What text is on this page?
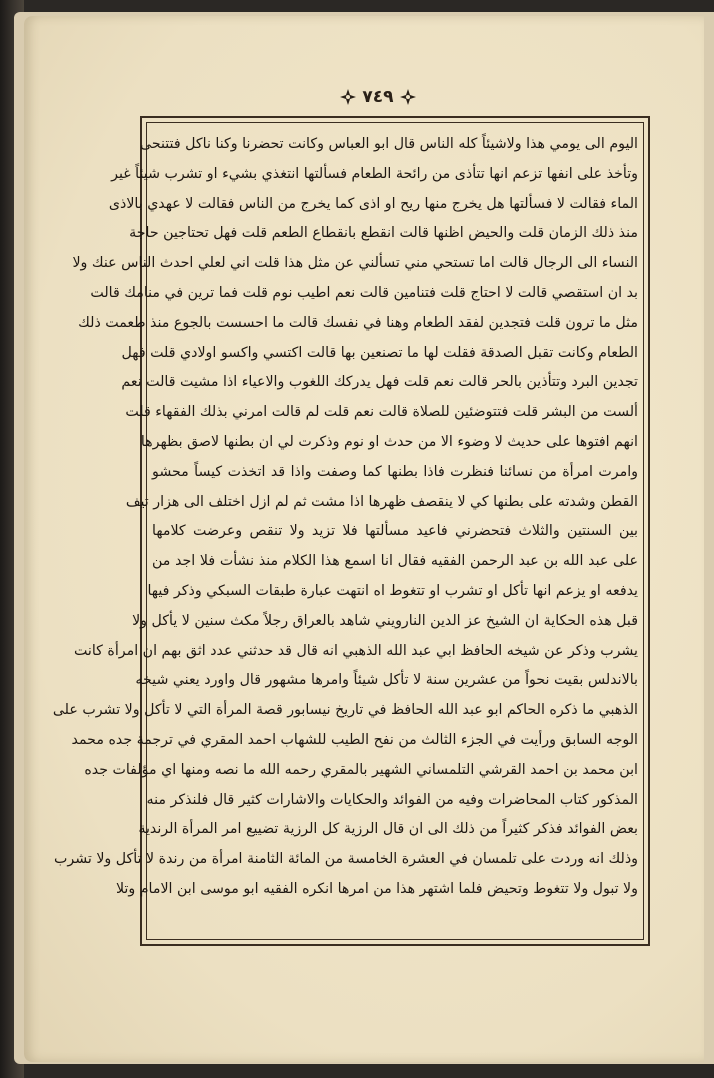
٧٤٩
اليوم الى يومي هذا ولاشيئاً كله الناس قال ابو العباس وكانت تحضرنا وكنا ناكل فتتنحى
وتأخذ على انفها تزعم انها تتأذى من رائحة الطعام فسألتها انتغذي بشيء او تشرب شيئاً غير
الماء فقالت لا فسألتها هل يخرج منها ريح او اذى كما يخرج من الناس فقالت لا عهدي بالاذى
منذ ذلك الزمان قلت والحيض اظنها قالت انقطع بانقطاع الطعم قلت فهل تحتاجين حاجة
النساء الى الرجال قالت اما تستحي مني تسألني عن مثل هذا قلت اني لعلي احدث الناس عنك ولا
بد ان استقصي قالت لا احتاج قلت فتنامين قالت نعم اطيب نوم قلت فما ترين في منامك قالت
مثل ما ترون قلت فتجدين لفقد الطعام وهنا في نفسك قالت ما احسست بالجوع منذ طعمت ذلك
الطعام وكانت تقبل الصدقة فقلت لها ما تصنعين بها قالت اكتسي واكسو اولادي قلت فهل
تجدين البرد وتتأذين بالحر قالت نعم قلت فهل يدركك اللغوب والاعياء اذا مشيت قالت نعم
ألست من البشر قلت فتتوضئين للصلاة قالت نعم قلت لم قالت امرني بذلك الفقهاء قلت
انهم افتوها على حديث لا وضوء الا من حدث او نوم وذكرت لي ان بطنها لاصق بظهرها
وامرت امرأة من نسائنا فنظرت فاذا بطنها كما وصفت واذا قد اتخذت كيساً محشو
القطن وشدته على بطنها كي لا ينقصف ظهرها اذا مشت ثم لم ازل اختلف الى هزار تيف
بين السنتين والثلاث فتحضرني فاعيد مسألتها فلا تزيد ولا تنقص وعرضت كلامها
على عبد الله بن عبد الرحمن الفقيه فقال انا اسمع هذا الكلام منذ نشأت فلا اجد من
يدفعه او يزعم انها تأكل او تشرب او تتغوط اه انتهت عبارة طبقات السبكي وذكر فيها
قبل هذه الحكاية ان الشيخ عز الدين النارويني شاهد بالعراق رجلاً مكث سنين لا يأكل ولا
يشرب وذكر عن شيخه الحافظ ابي عبد الله الذهبي انه قال قد حدثني عدد اثق بهم ان امرأة كانت
بالاندلس بقيت نحواً من عشرين سنة لا تأكل شيئاً وامرها مشهور قال واورد يعني شيخه
الذهبي ما ذكره الحاكم ابو عبد الله الحافظ في تاريخ نيسابور قصة المرأة التي لا تأكل ولا تشرب على
الوجه السابق ورأيت في الجزء الثالث من نفح الطيب للشهاب احمد المقري في ترجمة جده محمد
ابن محمد بن احمد القرشي التلمساني الشهير بالمقري رحمه الله ما نصه ومنها اي مؤلفات جده
المذكور كتاب المحاضرات وفيه من الفوائد والحكايات والاشارات كثير قال فلنذكر منه
بعض الفوائد فذكر كثيراً من ذلك الى ان قال الرزية كل الرزية تضييع امر المرأة الرندية
وذلك انه وردت على تلمسان في العشرة الخامسة من المائة الثامنة امرأة من رندة لا تأكل ولا تشرب
ولا تبول ولا تتغوط وتحيض فلما اشتهر هذا من امرها انكره الفقيه ابو موسى ابن الامام وتلا
